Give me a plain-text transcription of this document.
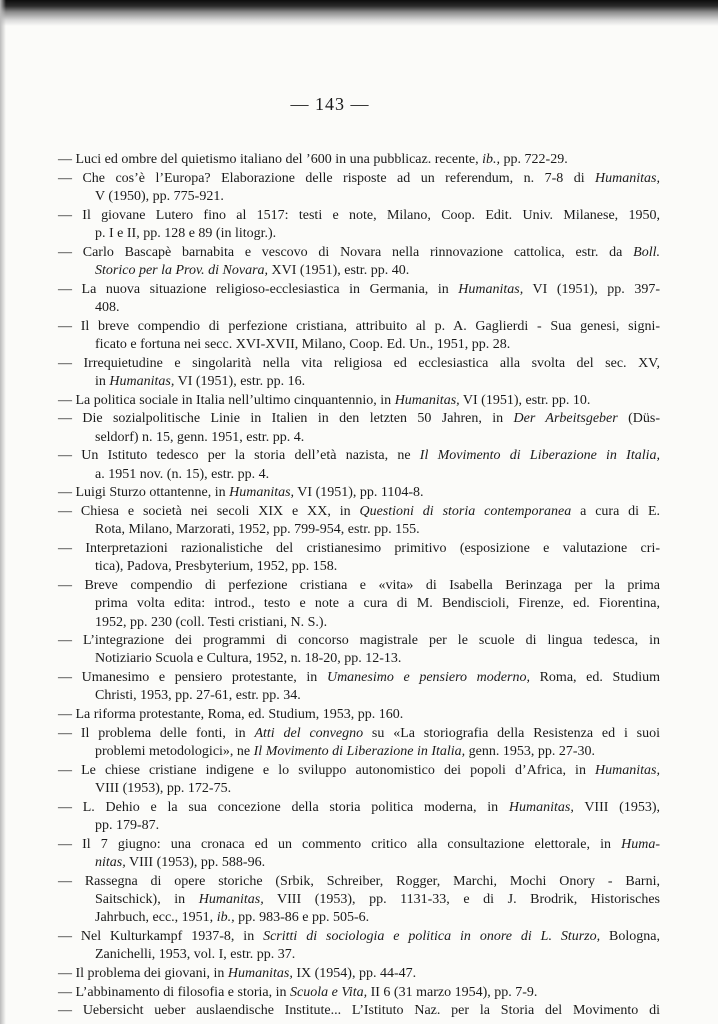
— 143 —
— Luci ed ombre del quietismo italiano del ’600 in una pubblicaz. recente, ib., pp. 722-29.
— Che cos’è l’Europa? Elaborazione delle risposte ad un referendum, n. 7-8 di Humanitas,
V (1950), pp. 775-921.
— Il giovane Lutero fino al 1517: testi e note, Milano, Coop. Edit. Univ. Milanese, 1950,
p. I e II, pp. 128 e 89 (in litogr.).
— Carlo Bascapè barnabita e vescovo di Novara nella rinnovazione cattolica, estr. da Boll.
Storico per la Prov. di Novara, XVI (1951), estr. pp. 40.
— La nuova situazione religioso-ecclesiastica in Germania, in Humanitas, VI (1951), pp. 397-
408.
— Il breve compendio di perfezione cristiana, attribuito al p. A. Gaglierdi - Sua genesi, signi-
ficato e fortuna nei secc. XVI-XVII, Milano, Coop. Ed. Un., 1951, pp. 28.
— Irrequietudine e singolarità nella vita religiosa ed ecclesiastica alla svolta del sec. XV,
in Humanitas, VI (1951), estr. pp. 16.
— La politica sociale in Italia nell’ultimo cinquantennio, in Humanitas, VI (1951), estr. pp. 10.
— Die sozialpolitische Linie in Italien in den letzten 50 Jahren, in Der Arbeitsgeber (Düs-
seldorf) n. 15, genn. 1951, estr. pp. 4.
— Un Istituto tedesco per la storia dell’età nazista, ne Il Movimento di Liberazione in Italia,
a. 1951 nov. (n. 15), estr. pp. 4.
— Luigi Sturzo ottantenne, in Humanitas, VI (1951), pp. 1104-8.
— Chiesa e società nei secoli XIX e XX, in Questioni di storia contemporanea a cura di E.
Rota, Milano, Marzorati, 1952, pp. 799-954, estr. pp. 155.
— Interpretazioni razionalistiche del cristianesimo primitivo (esposizione e valutazione cri-
tica), Padova, Presbyterium, 1952, pp. 158.
— Breve compendio di perfezione cristiana e «vita» di Isabella Berinzaga per la prima
prima volta edita: introd., testo e note a cura di M. Bendiscioli, Firenze, ed. Fiorentina,
1952, pp. 230 (coll. Testi cristiani, N. S.).
— L’integrazione dei programmi di concorso magistrale per le scuole di lingua tedesca, in
Notiziario Scuola e Cultura, 1952, n. 18-20, pp. 12-13.
— Umanesimo e pensiero protestante, in Umanesimo e pensiero moderno, Roma, ed. Studium
Christi, 1953, pp. 27-61, estr. pp. 34.
— La riforma protestante, Roma, ed. Studium, 1953, pp. 160.
— Il problema delle fonti, in Atti del convegno su «La storiografia della Resistenza ed i suoi
problemi metodologici», ne Il Movimento di Liberazione in Italia, genn. 1953, pp. 27-30.
— Le chiese cristiane indigene e lo sviluppo autonomistico dei popoli d’Africa, in Humanitas,
VIII (1953), pp. 172-75.
— L. Dehio e la sua concezione della storia politica moderna, in Humanitas, VIII (1953),
pp. 179-87.
— Il 7 giugno: una cronaca ed un commento critico alla consultazione elettorale, in Huma-
nitas, VIII (1953), pp. 588-96.
— Rassegna di opere storiche (Srbik, Schreiber, Rogger, Marchi, Mochi Onory - Barni,
Saitschick), in Humanitas, VIII (1953), pp. 1131-33, e di J. Brodrik, Historisches
Jahrbuch, ecc., 1951, ib., pp. 983-86 e pp. 505-6.
— Nel Kulturkampf 1937-8, in Scritti di sociologia e politica in onore di L. Sturzo, Bologna,
Zanichelli, 1953, vol. I, estr. pp. 37.
— Il problema dei giovani, in Humanitas, IX (1954), pp. 44-47.
— L’abbinamento di filosofia e storia, in Scuola e Vita, II 6 (31 marzo 1954), pp. 7-9.
— Uebersicht ueber auslaendische Institute... L’Istituto Naz. per la Storia del Movimento di
